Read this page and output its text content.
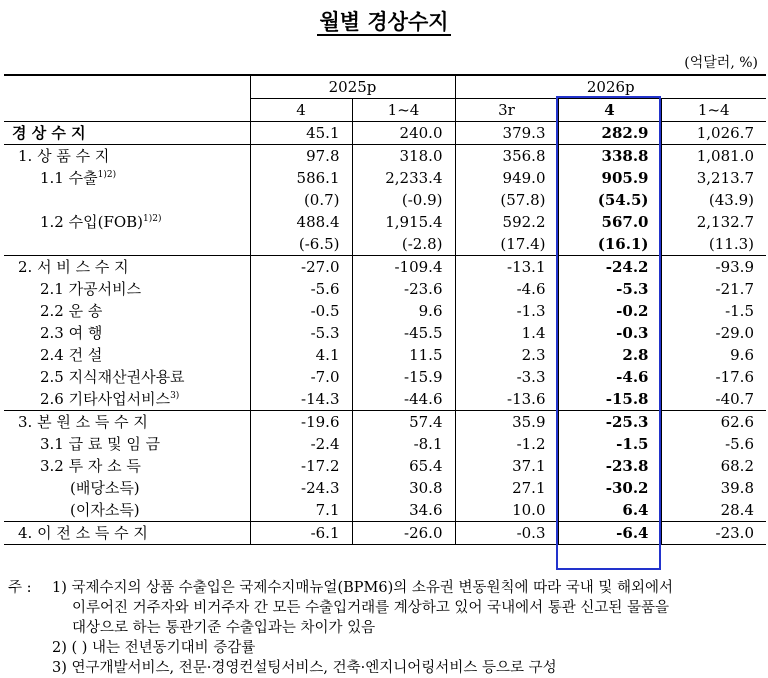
월별 경상수지
(억달러, %)
	2025p		2026p		
	4	1~4	3r	4	1~4
경 상 수 지	45.1	240.0	379.3	282.9	1,026.7
1. 상 품 수 지	97.8	318.0	356.8	338.8	1,081.0
1.1 수출$^{1)2)}$	586.1	2,233.4	949.0	905.9	3,213.7
	(0.7)	(-0.9)	(57.8)	(54.5)	(43.9)
1.2 수입(FOB)$^{1)2)}$	488.4	1,915.4	592.2	567.0	2,132.7
	(-6.5)	(-2.8)	(17.4)	(16.1)	(11.3)
2. 서 비 스 수 지	-27.0	-109.4	-13.1	-24.2	-93.9
2.1 가공서비스	-5.6	-23.6	-4.6	-5.3	-21.7
2.2 운 송	-0.5	9.6	-1.3	-0.2	-1.5
2.3 여 행	-5.3	-45.5	1.4	-0.3	-29.0
2.4 건 설	4.1	11.5	2.3	2.8	9.6
2.5 지식재산권사용료	-7.0	-15.9	-3.3	-4.6	-17.6
2.6 기타사업서비스$^{3)}$	-14.3	-44.6	-13.6	-15.8	-40.7
3. 본 원 소 득 수 지	-19.6	57.4	35.9	-25.3	62.6
3.1 급 료 및 임 금	-2.4	-8.1	-1.2	-1.5	-5.6
3.2 투 자 소 득	-17.2	65.4	37.1	-23.8	68.2
(배당소득)	-24.3	30.8	27.1	-30.2	39.8
(이자소득)	7.1	34.6	10.0	6.4	28.4
4. 이 전 소 득 수 지	-6.1	-26.0	-0.3	-6.4	-23.0
주 : 1) 국제수지의 상품 수출입은 국제수지매뉴얼(BPM6)의 소유권 변동원칙에 따라 국내 및 해외에서
이루어진 거주자와 비거주자 간 모든 수출입거래를 계상하고 있어 국내에서 통관 신고된 물품을
대상으로 하는 통관기준 수출입과는 차이가 있음
2) ( ) 내는 전년동기대비 증감률
3) 연구개발서비스, 전문·경영컨설팅서비스, 건축·엔지니어링서비스 등으로 구성
